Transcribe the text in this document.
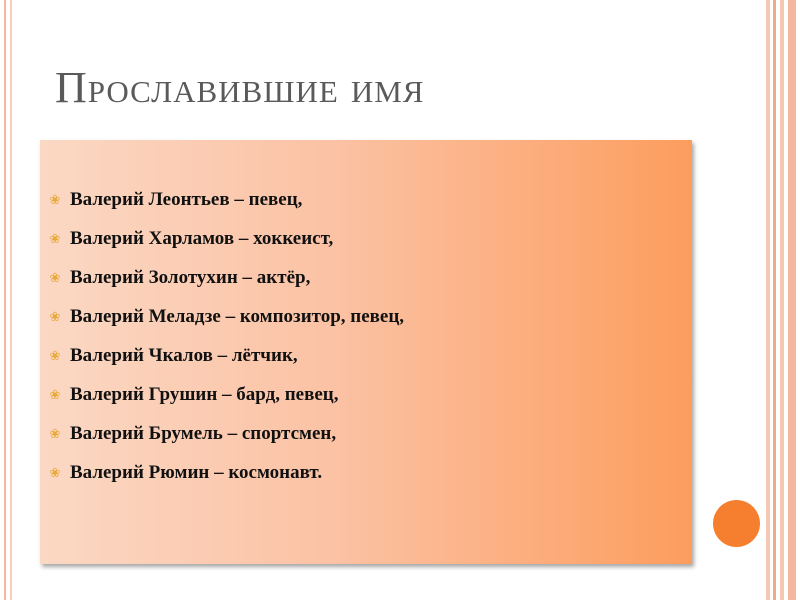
Прославившие имя
❀ Валерий Леонтьев – певец,
❀ Валерий Харламов – хоккеист,
❀ Валерий Золотухин – актёр,
❀ Валерий Меладзе – композитор, певец,
❀ Валерий Чкалов – лётчик,
❀ Валерий Грушин – бард, певец,
❀ Валерий Брумель – спортсмен,
❀ Валерий Рюмин – космонавт.
